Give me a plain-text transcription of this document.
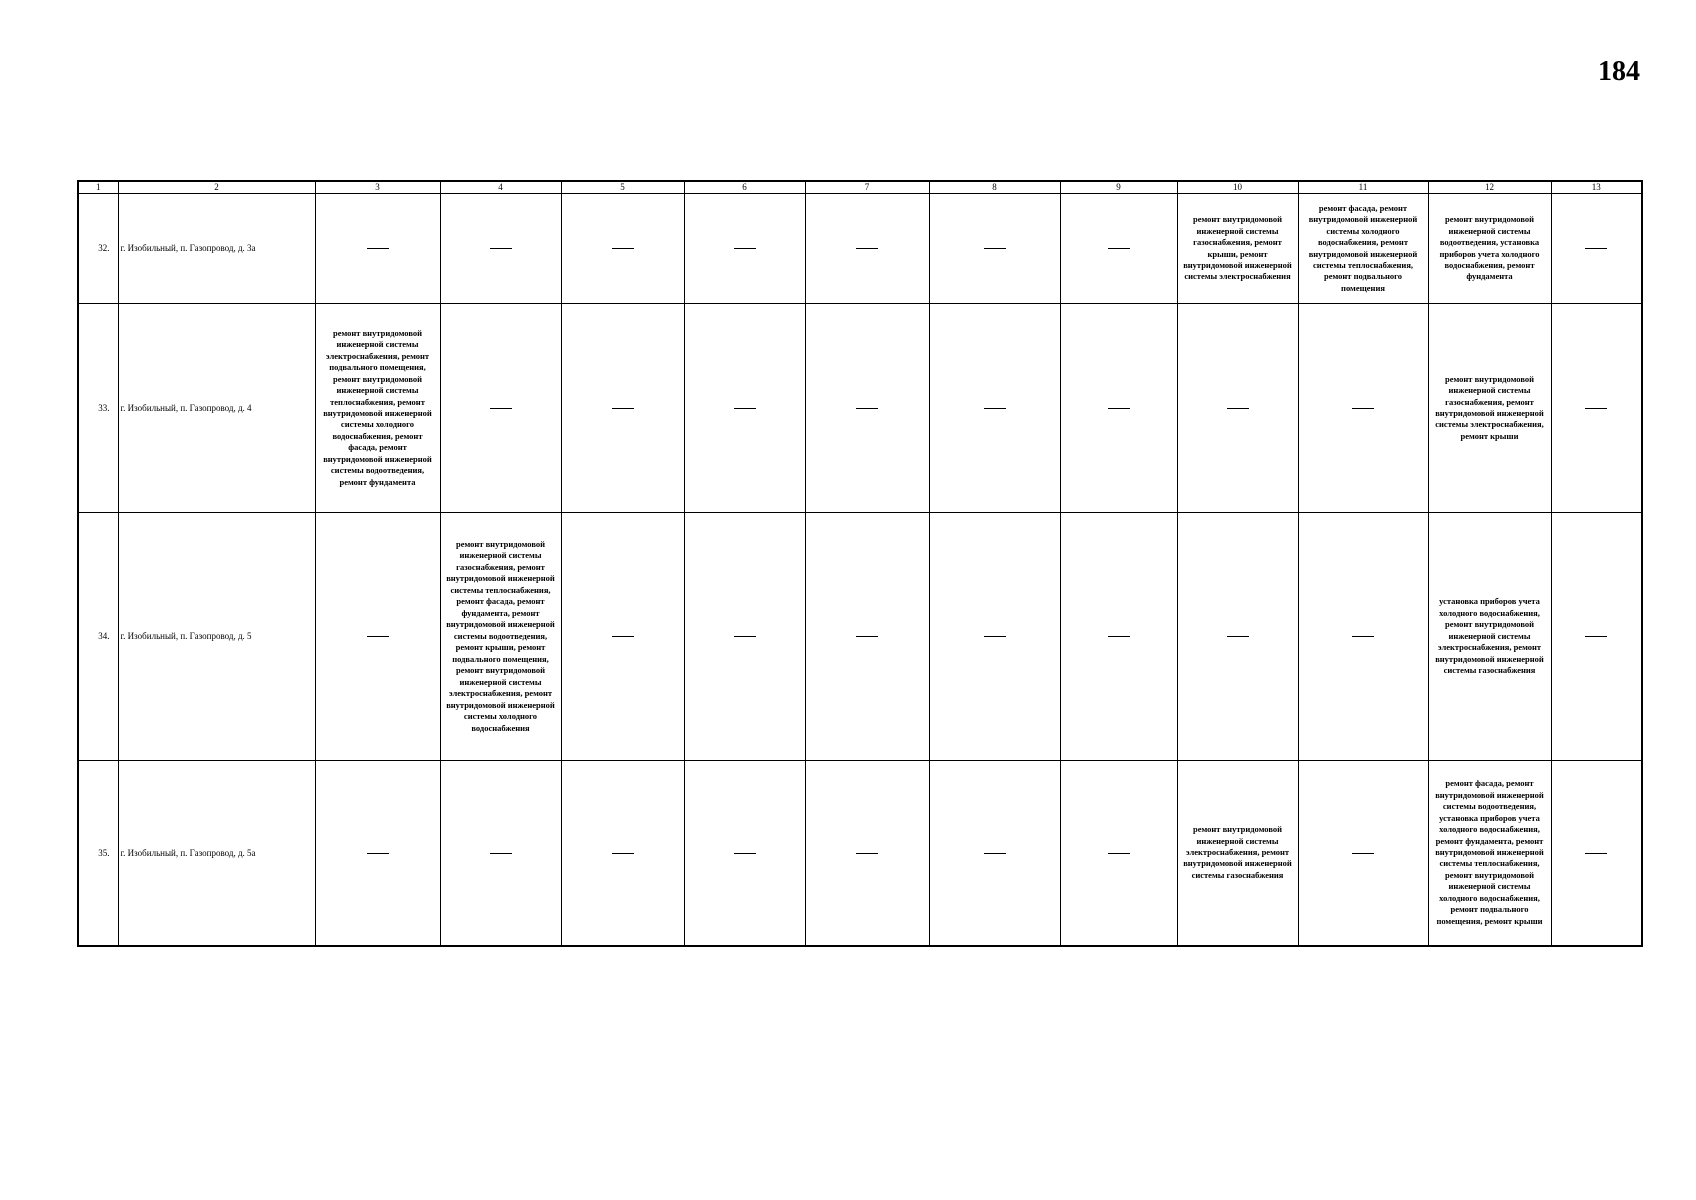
184
1	2	3	4	5	6	7	8	9	10	11	12	13
32.	г. Изобильный, п. Газопровод, д. 3а								ремонт внутридомовой инженерной системы газоснабжения, ремонт крыши, ремонт внутридомовой инженерной системы электроснабжения	ремонт фасада, ремонт внутридомовой инженерной системы холодного водоснабжения, ремонт внутридомовой инженерной системы теплоснабжения, ремонт подвального помещения	ремонт внутридомовой инженерной системы водоотведения, установка приборов учета холодного водоснабжения, ремонт фундамента	
33.	г. Изобильный, п. Газопровод, д. 4	ремонт внутридомовой инженерной системы электроснабжения, ремонт подвального помещения, ремонт внутридомовой инженерной системы теплоснабжения, ремонт внутридомовой инженерной системы холодного водоснабжения, ремонт фасада, ремонт внутридомовой инженерной системы водоотведения, ремонт фундамента									ремонт внутридомовой инженерной системы газоснабжения, ремонт внутридомовой инженерной системы электроснабжения, ремонт крыши	
34.	г. Изобильный, п. Газопровод, д. 5		ремонт внутридомовой инженерной системы газоснабжения, ремонт внутридомовой инженерной системы теплоснабжения, ремонт фасада, ремонт фундамента, ремонт внутридомовой инженерной системы водоотведения, ремонт крыши, ремонт подвального помещения, ремонт внутридомовой инженерной системы электроснабжения, ремонт внутридомовой инженерной системы холодного водоснабжения								установка приборов учета холодного водоснабжения, ремонт внутридомовой инженерной системы электроснабжения, ремонт внутридомовой инженерной системы газоснабжения	
35.	г. Изобильный, п. Газопровод, д. 5а								ремонт внутридомовой инженерной системы электроснабжения, ремонт внутридомовой инженерной системы газоснабжения		ремонт фасада, ремонт внутридомовой инженерной системы водоотведения, установка приборов учета холодного водоснабжения, ремонт фундамента, ремонт внутридомовой инженерной системы теплоснабжения, ремонт внутридомовой инженерной системы холодного водоснабжения, ремонт подвального помещения, ремонт крыши	
